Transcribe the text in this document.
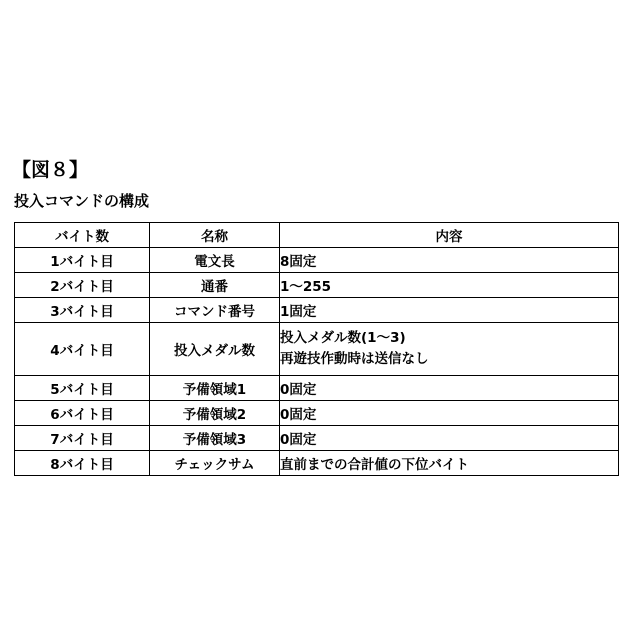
【図８】
投入コマンドの構成
バイト数	名称	内容
1バイト目	電文長	8固定
2バイト目	通番	1～255
3バイト目	コマンド番号	1固定
4バイト目	投入メダル数	投入メダル数(1～3)
再遊技作動時は送信なし

5バイト目	予備領域1	0固定
6バイト目	予備領域2	0固定
7バイト目	予備領域3	0固定
8バイト目	チェックサム	直前までの合計値の下位バイト
